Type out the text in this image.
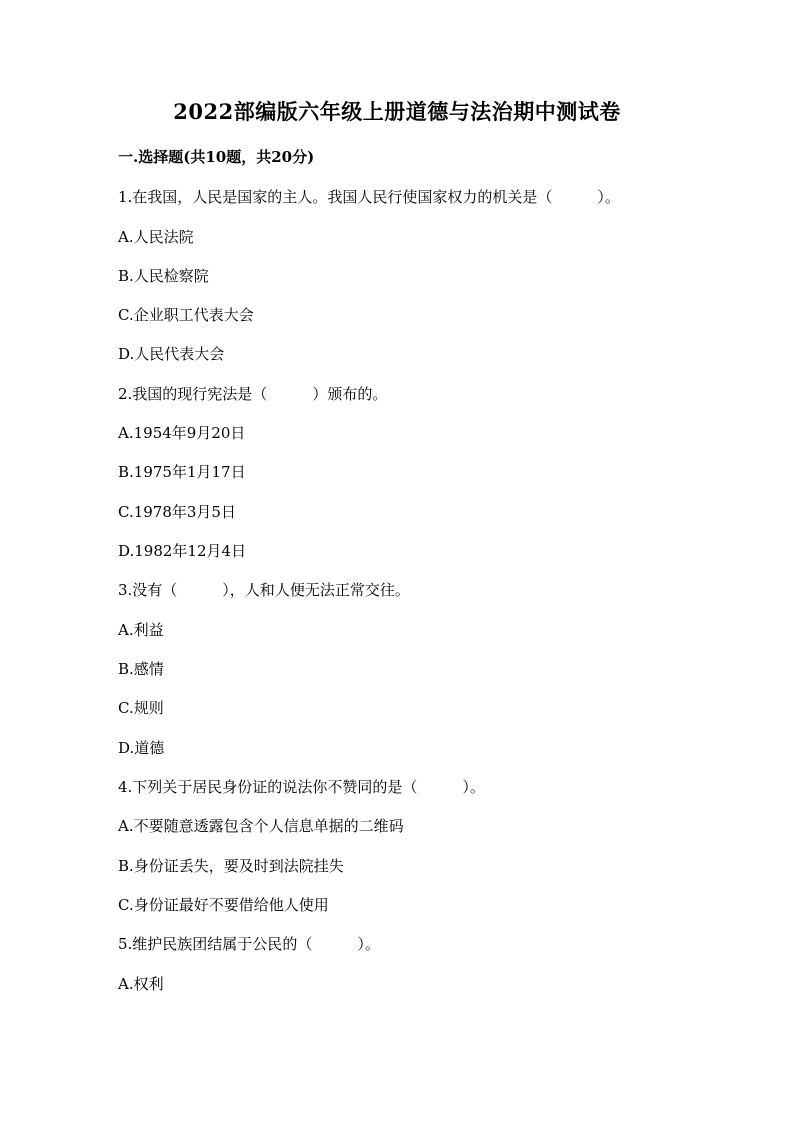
2022部编版六年级上册道德与法治期中测试卷
一.选择题(共10题，共20分)
1.在我国，人民是国家的主人。我国人民行使国家权力的机关是（　　　）。
A.人民法院
B.人民检察院
C.企业职工代表大会
D.人民代表大会
2.我国的现行宪法是（　　　）颁布的。
A.1954年9月20日
B.1975年1月17日
C.1978年3月5日
D.1982年12月4日
3.没有（　　　），人和人便无法正常交往。
A.利益
B.感情
C.规则
D.道德
4.下列关于居民身份证的说法你不赞同的是（　　　）。
A.不要随意透露包含个人信息单据的二维码
B.身份证丢失，要及时到法院挂失
C.身份证最好不要借给他人使用
5.维护民族团结属于公民的（　　　）。
A.权利
